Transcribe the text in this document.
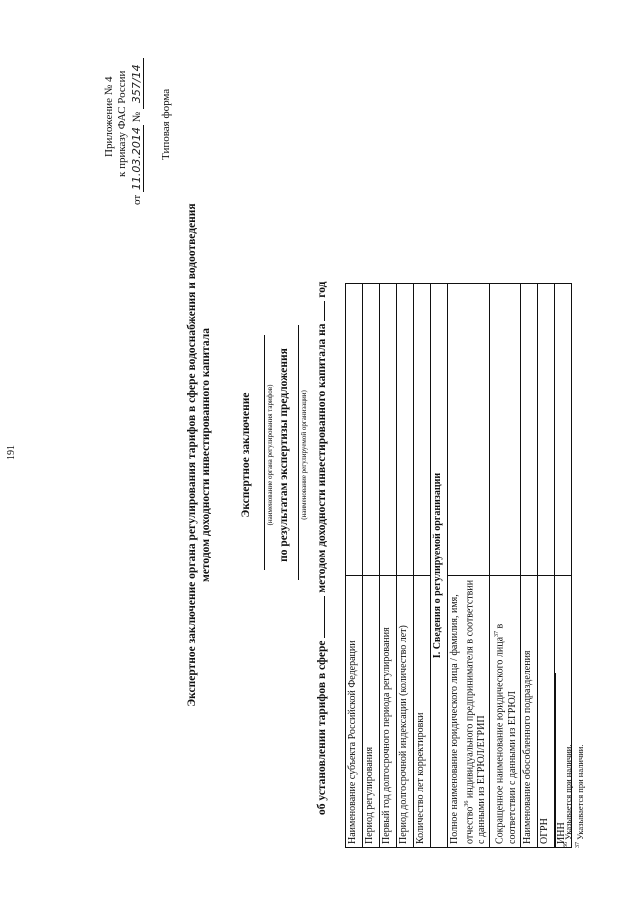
191
Приложение № 4 к приказу ФАС России
от 11.03.2014 № 357/14
Типовая форма
Экспертное заключение органа регулирования тарифов в сфере водоснабжения и водоотведения методом доходности инвестированного капитала Экспертное заключение (наименование органа регулирования тарифов) по результатам экспертизы предложения (наименование регулируемой организации)
об установлении тарифов в сфере  методом доходности инвестированного капитала на  год
Наименование субъекта Российской Федерации	
Период регулирования	
Первый год долгосрочного периода регулирования	
Период долгосрочной индексации (количество лет)	
Количество лет корректировки	
I. Сведения о регулируемой организации	
Полное наименование юридического лица / фамилия, имя, отчество$^{36}$ индивидуального предпринимателя в соответствии с данными из ЕГРЮЛ/ЕГРИП	
Сокращенное наименование юридического лица$^{37}$ в соответствии с данными из ЕГРЮЛ	
Наименование обособленного подразделения	
ОГРН	
ИНН	
$^{36}$ Указывается при наличии.
$^{37}$ Указывается при наличии.
